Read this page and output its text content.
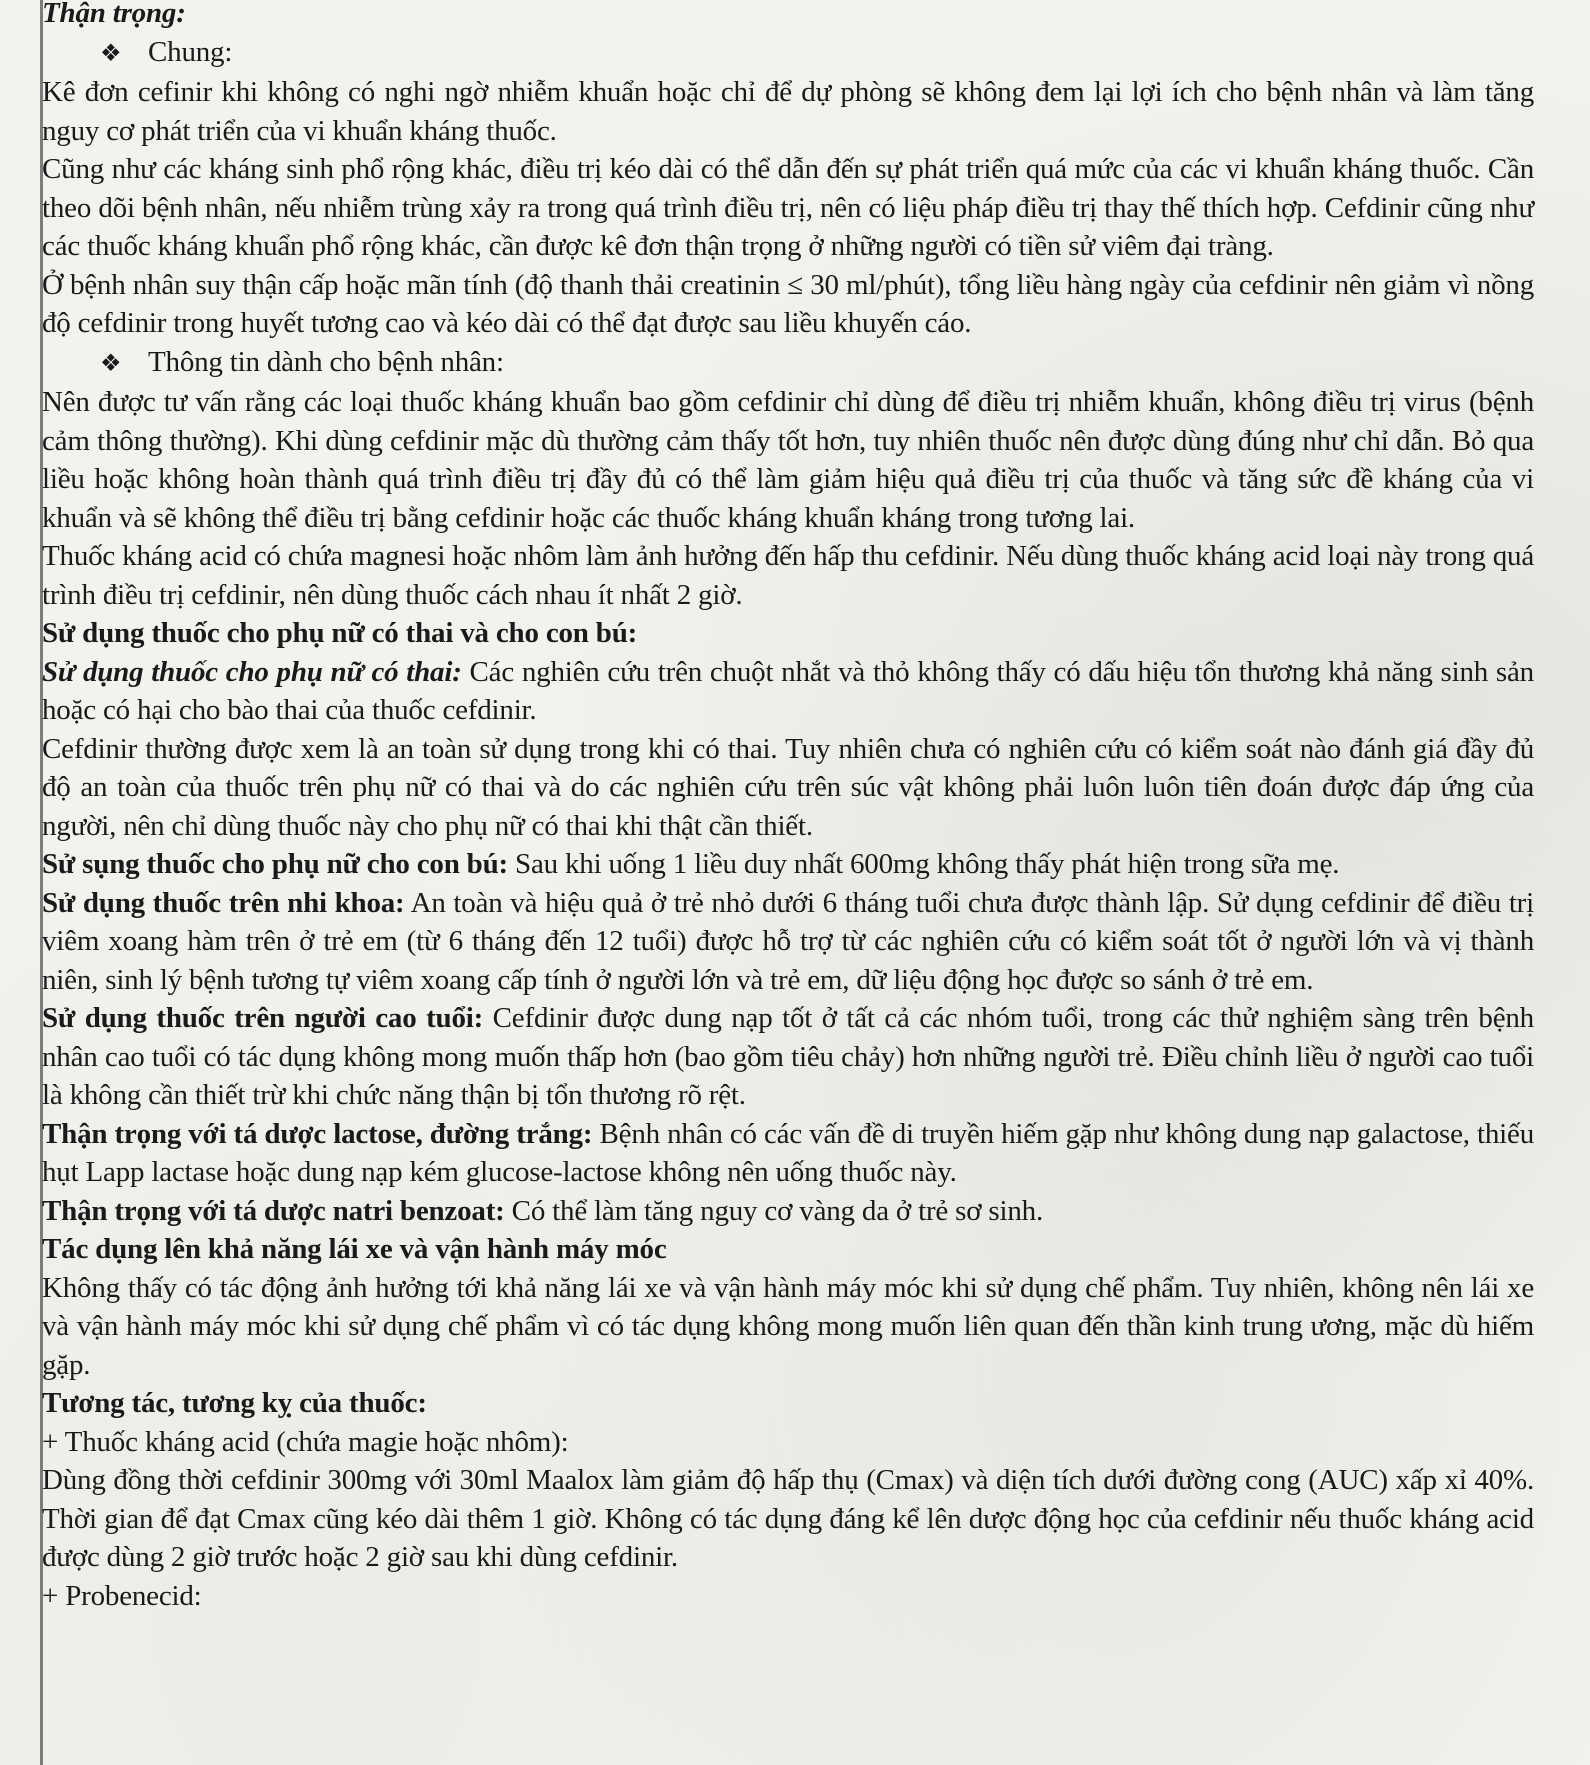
Thận trọng:

❖ Chung:

Kê đơn cefinir khi không có nghi ngờ nhiễm khuẩn hoặc chỉ để dự phòng sẽ không đem lại lợi ích cho bệnh nhân và làm tăng nguy cơ phát triển của vi khuẩn kháng thuốc.

Cũng như các kháng sinh phổ rộng khác, điều trị kéo dài có thể dẫn đến sự phát triển quá mức của các vi khuẩn kháng thuốc. Cần theo dõi bệnh nhân, nếu nhiễm trùng xảy ra trong quá trình điều trị, nên có liệu pháp điều trị thay thế thích hợp. Cefdinir cũng như các thuốc kháng khuẩn phổ rộng khác, cần được kê đơn thận trọng ở những người có tiền sử viêm đại tràng.

Ở bệnh nhân suy thận cấp hoặc mãn tính (độ thanh thải creatinin ≤ 30 ml/phút), tổng liều hàng ngày của cefdinir nên giảm vì nồng độ cefdinir trong huyết tương cao và kéo dài có thể đạt được sau liều khuyến cáo.

❖ Thông tin dành cho bệnh nhân:

Nên được tư vấn rằng các loại thuốc kháng khuẩn bao gồm cefdinir chỉ dùng để điều trị nhiễm khuẩn, không điều trị virus (bệnh cảm thông thường). Khi dùng cefdinir mặc dù thường cảm thấy tốt hơn, tuy nhiên thuốc nên được dùng đúng như chỉ dẫn. Bỏ qua liều hoặc không hoàn thành quá trình điều trị đầy đủ có thể làm giảm hiệu quả điều trị của thuốc và tăng sức đề kháng của vi khuẩn và sẽ không thể điều trị bằng cefdinir hoặc các thuốc kháng khuẩn kháng trong tương lai.

Thuốc kháng acid có chứa magnesi hoặc nhôm làm ảnh hưởng đến hấp thu cefdinir. Nếu dùng thuốc kháng acid loại này trong quá trình điều trị cefdinir, nên dùng thuốc cách nhau ít nhất 2 giờ.

Sử dụng thuốc cho phụ nữ có thai và cho con bú:

Sử dụng thuốc cho phụ nữ có thai: Các nghiên cứu trên chuột nhắt và thỏ không thấy có dấu hiệu tổn thương khả năng sinh sản hoặc có hại cho bào thai của thuốc cefdinir.

Cefdinir thường được xem là an toàn sử dụng trong khi có thai. Tuy nhiên chưa có nghiên cứu có kiểm soát nào đánh giá đầy đủ độ an toàn của thuốc trên phụ nữ có thai và do các nghiên cứu trên súc vật không phải luôn luôn tiên đoán được đáp ứng của người, nên chỉ dùng thuốc này cho phụ nữ có thai khi thật cần thiết.

Sử sụng thuốc cho phụ nữ cho con bú: Sau khi uống 1 liều duy nhất 600mg không thấy phát hiện trong sữa mẹ.

Sử dụng thuốc trên nhi khoa: An toàn và hiệu quả ở trẻ nhỏ dưới 6 tháng tuổi chưa được thành lập. Sử dụng cefdinir để điều trị viêm xoang hàm trên ở trẻ em (từ 6 tháng đến 12 tuổi) được hỗ trợ từ các nghiên cứu có kiểm soát tốt ở người lớn và vị thành niên, sinh lý bệnh tương tự viêm xoang cấp tính ở người lớn và trẻ em, dữ liệu động học được so sánh ở trẻ em.

Sử dụng thuốc trên người cao tuổi: Cefdinir được dung nạp tốt ở tất cả các nhóm tuổi, trong các thử nghiệm sàng trên bệnh nhân cao tuổi có tác dụng không mong muốn thấp hơn (bao gồm tiêu chảy) hơn những người trẻ. Điều chỉnh liều ở người cao tuổi là không cần thiết trừ khi chức năng thận bị tổn thương rõ rệt.

Thận trọng với tá dược lactose, đường trắng: Bệnh nhân có các vấn đề di truyền hiếm gặp như không dung nạp galactose, thiếu hụt Lapp lactase hoặc dung nạp kém glucose-lactose không nên uống thuốc này.

Thận trọng với tá dược natri benzoat: Có thể làm tăng nguy cơ vàng da ở trẻ sơ sinh.

Tác dụng lên khả năng lái xe và vận hành máy móc

Không thấy có tác động ảnh hưởng tới khả năng lái xe và vận hành máy móc khi sử dụng chế phẩm. Tuy nhiên, không nên lái xe và vận hành máy móc khi sử dụng chế phẩm vì có tác dụng không mong muốn liên quan đến thần kinh trung ương, mặc dù hiếm gặp.

Tương tác, tương kỵ của thuốc:

+ Thuốc kháng acid (chứa magie hoặc nhôm):

Dùng đồng thời cefdinir 300mg với 30ml Maalox làm giảm độ hấp thụ (Cmax) và diện tích dưới đường cong (AUC) xấp xỉ 40%. Thời gian để đạt Cmax cũng kéo dài thêm 1 giờ. Không có tác dụng đáng kể lên dược động học của cefdinir nếu thuốc kháng acid được dùng 2 giờ trước hoặc 2 giờ sau khi dùng cefdinir.

+ Probenecid:
